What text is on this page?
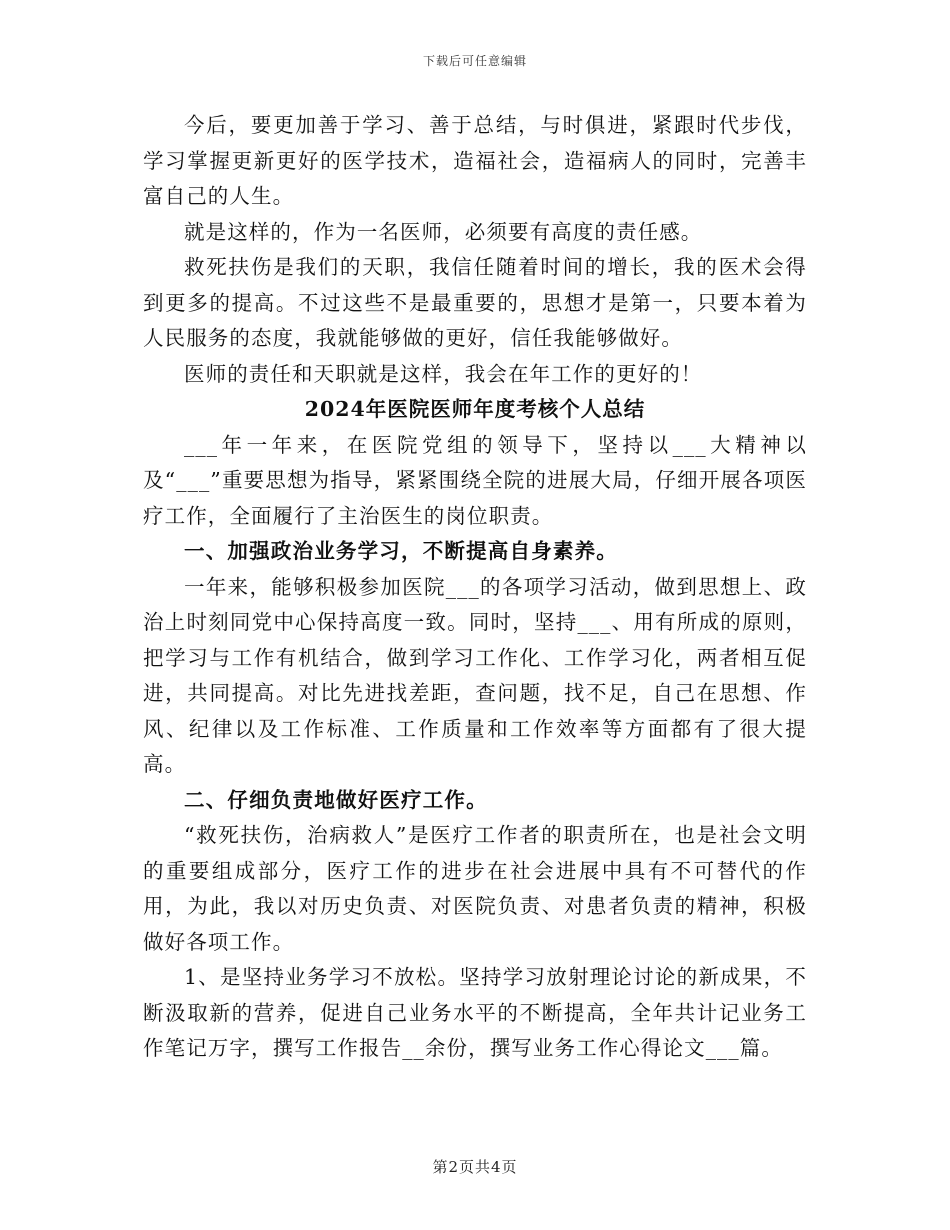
下载后可任意编辑

今后，要更加善于学习、善于总结，与时俱进，紧跟时代步伐，学习掌握更新更好的医学技术，造福社会，造福病人的同时，完善丰富自己的人生。

就是这样的，作为一名医师，必须要有高度的责任感。

救死扶伤是我们的天职，我信任随着时间的增长，我的医术会得到更多的提高。不过这些不是最重要的，思想才是第一，只要本着为人民服务的态度，我就能够做的更好，信任我能够做好。

医师的责任和天职就是这样，我会在年工作的更好的！

2024年医院医师年度考核个人总结

___年一年来，在医院党组的领导下，坚持以___大精神以及“___”重要思想为指导，紧紧围绕全院的进展大局，仔细开展各项医疗工作，全面履行了主治医生的岗位职责。

一、加强政治业务学习，不断提高自身素养。

一年来，能够积极参加医院___的各项学习活动，做到思想上、政治上时刻同党中心保持高度一致。同时，坚持___、用有所成的原则，把学习与工作有机结合，做到学习工作化、工作学习化，两者相互促进，共同提高。对比先进找差距，查问题，找不足，自己在思想、作风、纪律以及工作标准、工作质量和工作效率等方面都有了很大提高。

二、仔细负责地做好医疗工作。

“救死扶伤，治病救人”是医疗工作者的职责所在，也是社会文明的重要组成部分，医疗工作的进步在社会进展中具有不可替代的作用，为此，我以对历史负责、对医院负责、对患者负责的精神，积极做好各项工作。

1、是坚持业务学习不放松。坚持学习放射理论讨论的新成果，不断汲取新的营养，促进自己业务水平的不断提高，全年共计记业务工作笔记万字，撰写工作报告__余份，撰写业务工作心得论文___篇。

第2页共4页
